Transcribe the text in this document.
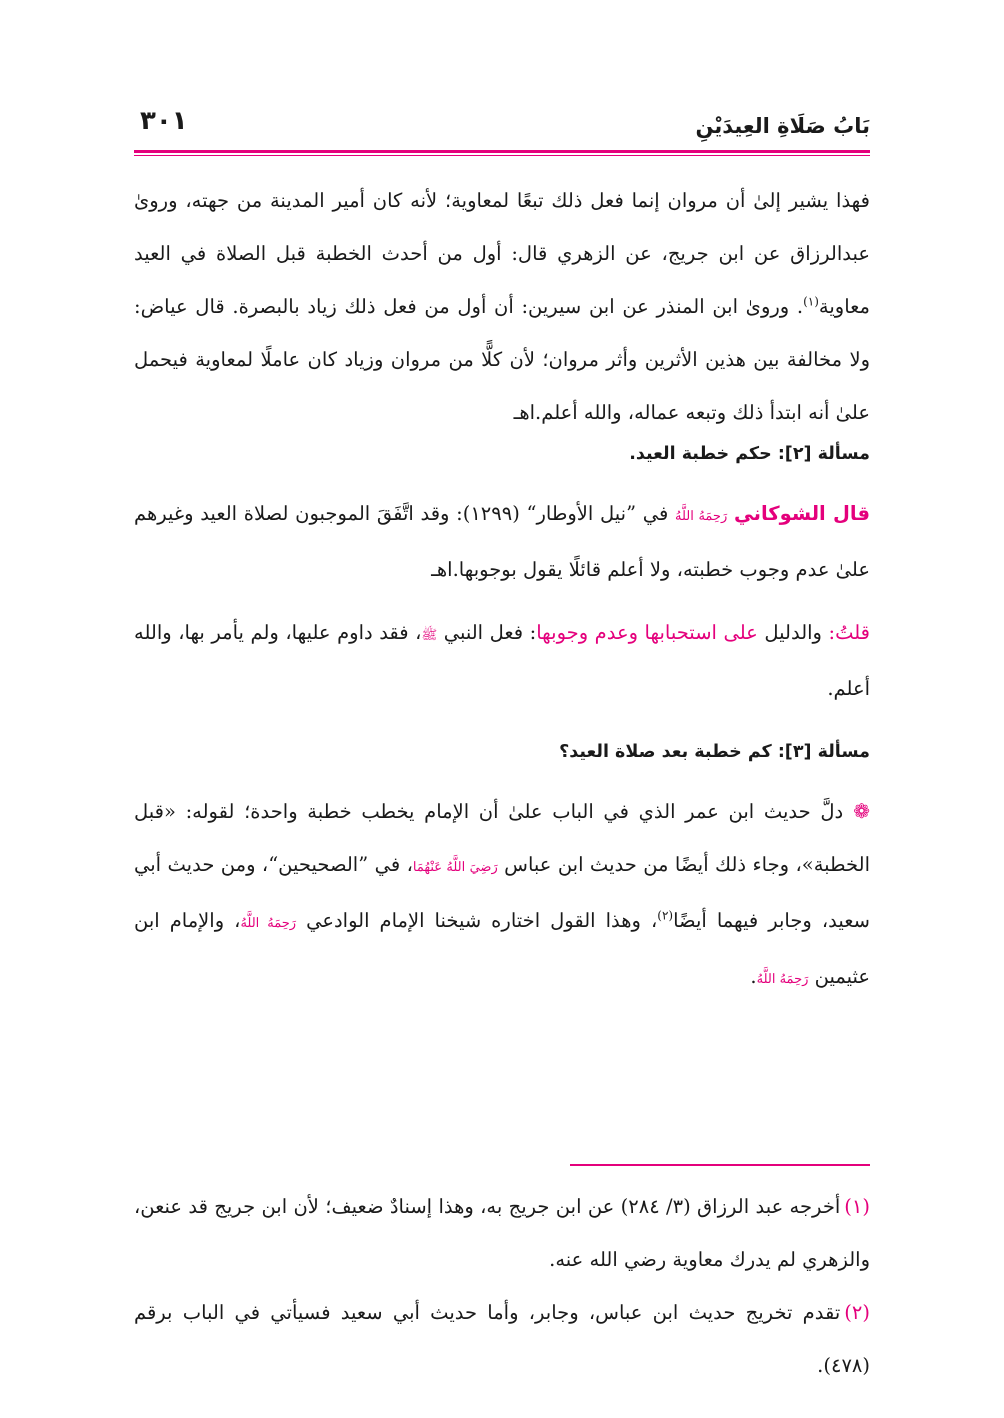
بَابُ صَلَاةِ العِيدَيْنِ
٣٠١

فهذا يشير إلىٰ أن مروان إنما فعل ذلك تبعًا لمعاوية؛ لأنه كان أمير المدينة من جهته، وروىٰ عبدالرزاق عن ابن جريج، عن الزهري قال: أول من أحدث الخطبة قبل الصلاة في العيد معاوية$^{(١)}$. وروىٰ ابن المنذر عن ابن سيرين: أن أول من فعل ذلك زياد بالبصرة. قال عياض: ولا مخالفة بين هذين الأثرين وأثر مروان؛ لأن كلًّا من مروان وزياد كان عاملًا لمعاوية فيحمل علىٰ أنه ابتدأ ذلك وتبعه عماله، والله أعلم.اهـ

مسألة [٢]: حكم خطبة العيد.

قال الشوكاني رَحِمَهُ اللَّهُ في ”نيل الأوطار“ (١٢٩٩): وقد اتَّفَقَ الموجبون لصلاة العيد وغيرهم علىٰ عدم وجوب خطبته، ولا أعلم قائلًا يقول بوجوبها.اهـ

قلتُ: والدليل على استحبابها وعدم وجوبها: فعل النبي ﷺ، فقد داوم عليها، ولم يأمر بها، والله أعلم.

مسألة [٣]: كم خطبة بعد صلاة العيد؟

❁دلَّ حديث ابن عمر الذي في الباب علىٰ أن الإمام يخطب خطبة واحدة؛ لقوله: «قبل الخطبة»، وجاء ذلك أيضًا من حديث ابن عباس رَضِيَ اللَّهُ عَنْهُمَا، في ”الصحيحين“، ومن حديث أبي سعيد، وجابر فيهما أيضًا$^{(٢)}$، وهذا القول اختاره شيخنا الإمام الوادعي رَحِمَهُ اللَّهُ، والإمام ابن عثيمين رَحِمَهُ اللَّهُ.

(١)أخرجه عبد الرزاق (٣/ ٢٨٤) عن ابن جريج به، وهذا إسنادٌ ضعيف؛ لأن ابن جريج قد عنعن، والزهري لم يدرك معاوية رضي الله عنه.

(٢)تقدم تخريج حديث ابن عباس، وجابر، وأما حديث أبي سعيد فسيأتي في الباب برقم (٤٧٨).
